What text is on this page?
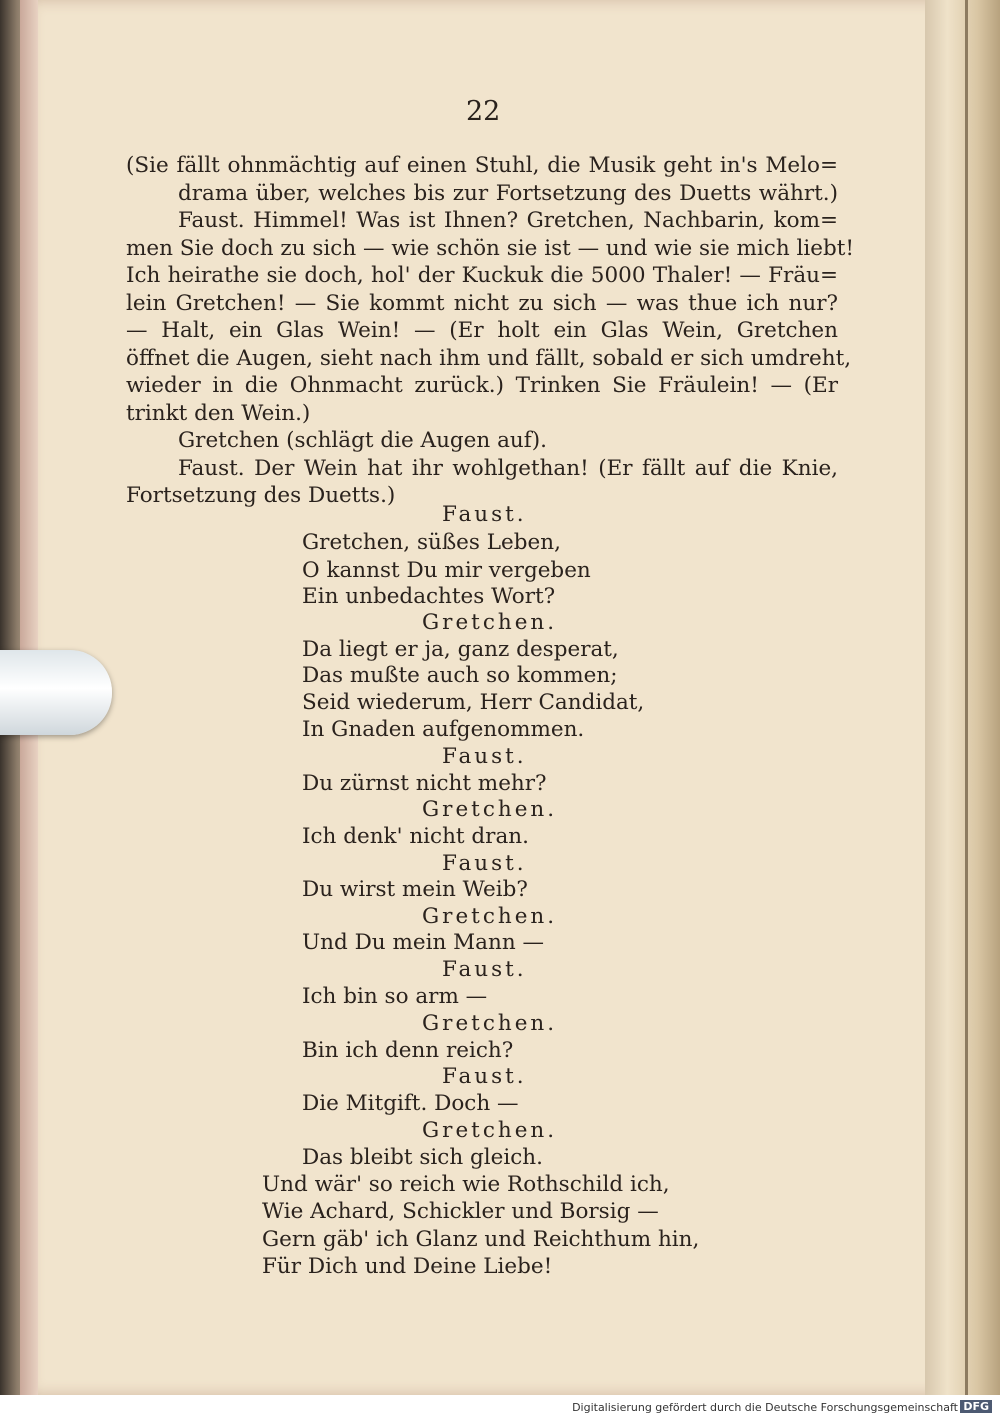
22
(Sie fällt ohnmächtig auf einen Stuhl, die Musik geht in's Melo=
drama über, welches bis zur Fortsetzung des Duetts währt.)
Faust. Himmel! Was ist Ihnen? Gretchen, Nachbarin, kom=
men Sie doch zu sich — wie schön sie ist — und wie sie mich liebt!
Ich heirathe sie doch, hol' der Kuckuk die 5000 Thaler! — Fräu=
lein Gretchen! — Sie kommt nicht zu sich — was thue ich nur?
— Halt, ein Glas Wein! — (Er holt ein Glas Wein, Gretchen
öffnet die Augen, sieht nach ihm und fällt, sobald er sich umdreht,
wieder in die Ohnmacht zurück.) Trinken Sie Fräulein! — (Er
trinkt den Wein.)
Gretchen (schlägt die Augen auf).
Faust. Der Wein hat ihr wohlgethan! (Er fällt auf die Knie,
Fortsetzung des Duetts.)
Faust.
Gretchen, süßes Leben,
O kannst Du mir vergeben
Ein unbedachtes Wort?
Gretchen.
Da liegt er ja, ganz desperat,
Das mußte auch so kommen;
Seid wiederum, Herr Candidat,
In Gnaden aufgenommen.
Faust.
Du zürnst nicht mehr?
Gretchen.
Ich denk' nicht dran.
Faust.
Du wirst mein Weib?
Gretchen.
Und Du mein Mann —
Faust.
Ich bin so arm —
Gretchen.
Bin ich denn reich?
Faust.
Die Mitgift. Doch —
Gretchen.
Das bleibt sich gleich.
Und wär' so reich wie Rothschild ich,
Wie Achard, Schickler und Borsig —
Gern gäb' ich Glanz und Reichthum hin,
Für Dich und Deine Liebe!
Digitalisierung gefördert durch die Deutsche Forschungsgemeinschaft DFG
